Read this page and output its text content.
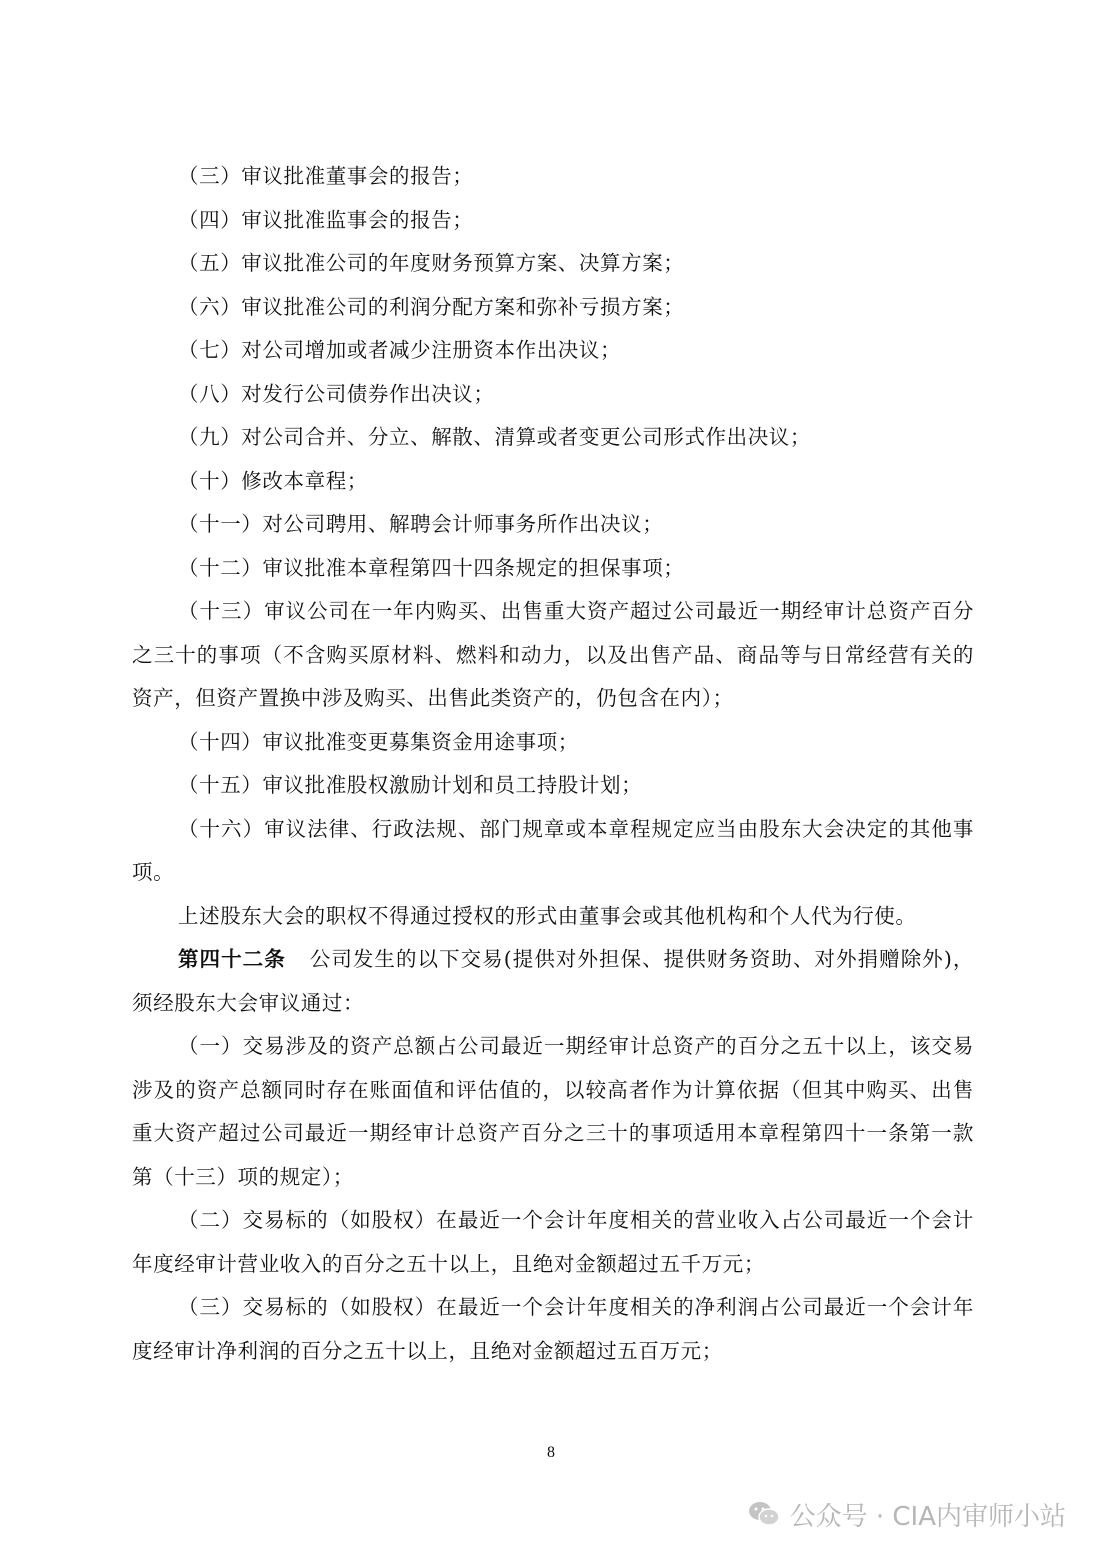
（三）审议批准董事会的报告；

（四）审议批准监事会的报告；

（五）审议批准公司的年度财务预算方案、决算方案；

（六）审议批准公司的利润分配方案和弥补亏损方案；

（七）对公司增加或者减少注册资本作出决议；

（八）对发行公司债券作出决议；

（九）对公司合并、分立、解散、清算或者变更公司形式作出决议；

（十）修改本章程；

（十一）对公司聘用、解聘会计师事务所作出决议；

（十二）审议批准本章程第四十四条规定的担保事项；

（十三）审议公司在一年内购买、出售重大资产超过公司最近一期经审计总资产百分之三十的事项（不含购买原材料、燃料和动力，以及出售产品、商品等与日常经营有关的资产，但资产置换中涉及购买、出售此类资产的，仍包含在内）；

（十四）审议批准变更募集资金用途事项；

（十五）审议批准股权激励计划和员工持股计划；

（十六）审议法律、行政法规、部门规章或本章程规定应当由股东大会决定的其他事项。

上述股东大会的职权不得通过授权的形式由董事会或其他机构和个人代为行使。

第四十二条 公司发生的以下交易(提供对外担保、提供财务资助、对外捐赠除外)，须经股东大会审议通过：

（一）交易涉及的资产总额占公司最近一期经审计总资产的百分之五十以上，该交易涉及的资产总额同时存在账面值和评估值的，以较高者作为计算依据（但其中购买、出售重大资产超过公司最近一期经审计总资产百分之三十的事项适用本章程第四十一条第一款第（十三）项的规定）；

（二）交易标的（如股权）在最近一个会计年度相关的营业收入占公司最近一个会计年度经审计营业收入的百分之五十以上，且绝对金额超过五千万元；

（三）交易标的（如股权）在最近一个会计年度相关的净利润占公司最近一个会计年度经审计净利润的百分之五十以上，且绝对金额超过五百万元；

8
公众号 · CIA内审师小站
